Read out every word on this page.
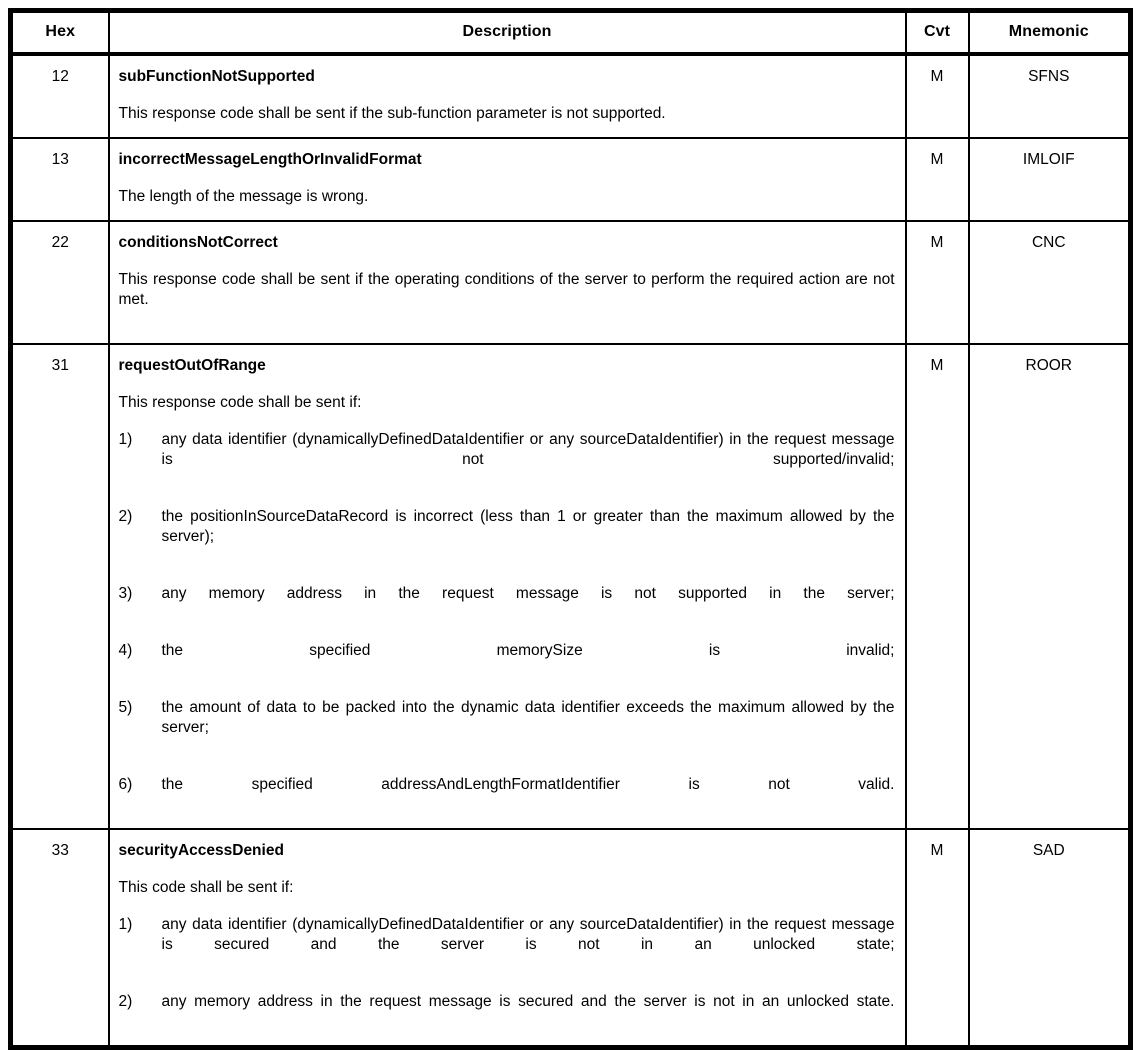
Hex	Description	Cvt	Mnemonic
12	subFunctionNotSupported

This response code shall be sent if the sub-function parameter is not supported.	M	SFNS
13	incorrectMessageLengthOrInvalidFormat

The length of the message is wrong.	M	IMLOIF
22	conditionsNotCorrect

This response code shall be sent if the operating conditions of the server to perform the required action are not met.	M	CNC
31	requestOutOfRange

This response code shall be sent if:

1)	any data identifier (dynamicallyDefinedDataIdentifier or any sourceDataIdentifier) in the request message is not supported/invalid;
2)	the positionInSourceDataRecord is incorrect (less than 1 or greater than the maximum allowed by the server);
3)	any memory address in the request message is not supported in the server;
4)	the specified memorySize is invalid;
5)	the amount of data to be packed into the dynamic data identifier exceeds the maximum allowed by the server;
6)	the specified addressAndLengthFormatIdentifier is not valid.
	M	ROOR
33	securityAccessDenied

This code shall be sent if:

1)	any data identifier (dynamicallyDefinedDataIdentifier or any sourceDataIdentifier) in the request message is secured and the server is not in an unlocked state;
2)	any memory address in the request message is secured and the server is not in an unlocked state.
	M	SAD
